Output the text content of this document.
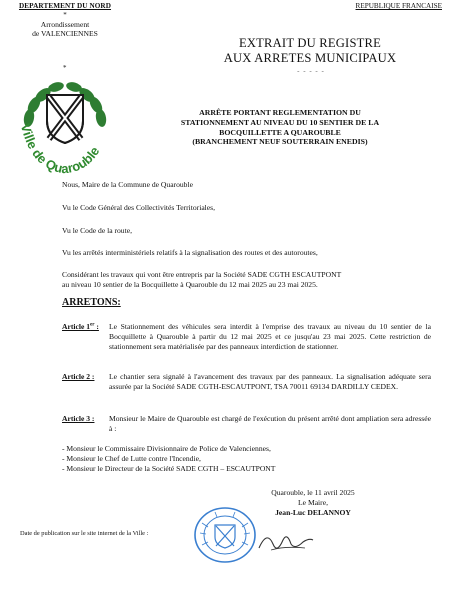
DEPARTEMENT DU NORD
*
Arrondissement
de VALENCIENNES
REPUBLIQUE FRANCAISE
EXTRAIT DU REGISTRE
AUX ARRETES MUNICIPAUX
- - - - -
*
Ville de Quarouble
ARRÊTE PORTANT REGLEMENTATION DU
STATIONNEMENT AU NIVEAU DU 10 SENTIER DE LA
BOCQUILLETTE A QUAROUBLE
(BRANCHEMENT NEUF SOUTERRAIN ENEDIS)
Nous, Maire de la Commune de Quarouble
Vu le Code Général des Collectivités Territoriales,
Vu le Code de la route,
Vu les arrêtés interministériels relatifs à la signalisation des routes et des autoroutes,
Considérant les travaux qui vont être entrepris par la Société SADE CGTH ESCAUTPONT
au niveau 10 sentier de la Bocquillette à Quarouble du 12 mai 2025 au 23 mai 2025.
ARRETONS:
Article 1er : Le Stationnement des véhicules sera interdit à l'emprise des travaux au niveau du 10 sentier de la Bocquillette à Quarouble à partir du 12 mai 2025 et ce jusqu'au 23 mai 2025. Cette restriction de stationnement sera matérialisée par des panneaux interdiction de stationner.
Article 2 : Le chantier sera signalé à l'avancement des travaux par des panneaux. La signalisation adéquate sera assurée par la Société SADE CGTH-ESCAUTPONT, TSA 70011 69134 DARDILLY CEDEX.
Article 3 : Monsieur le Maire de Quarouble est chargé de l'exécution du présent arrêté dont ampliation sera adressée à :
- Monsieur le Commissaire Divisionnaire de Police de Valenciennes,
- Monsieur le Chef de Lutte contre l'Incendie,
- Monsieur le Directeur de la Société SADE CGTH – ESCAUTPONT
Quarouble, le 11 avril 2025
Le Maire,
Jean-Luc DELANNOY
Date de publication sur le site internet de la Ville :
